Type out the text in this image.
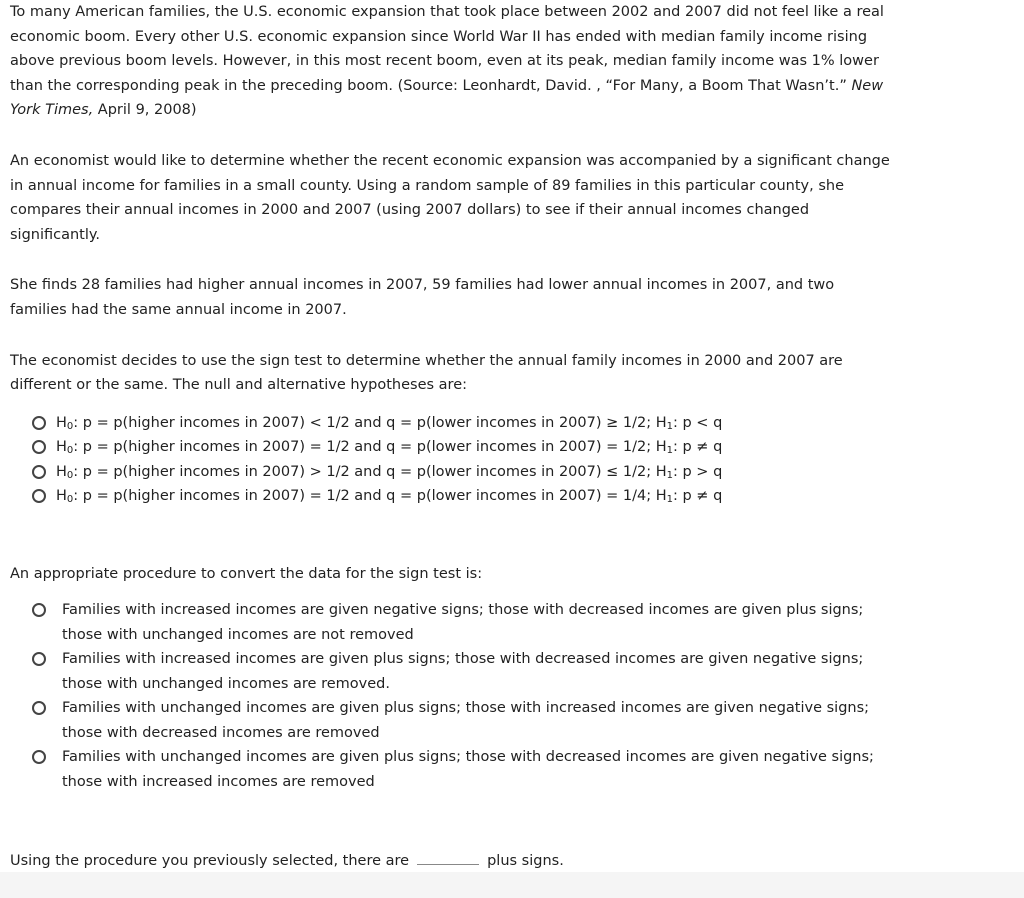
To many American families, the U.S. economic expansion that took place between 2002 and 2007 did not feel like a real economic boom. Every other U.S. economic expansion since World War II has ended with median family income rising above previous boom levels. However, in this most recent boom, even at its peak, median family income was 1% lower than the corresponding peak in the preceding boom. (Source: Leonhardt, David. , “For Many, a Boom That Wasn’t.” New York Times, April 9, 2008)

An economist would like to determine whether the recent economic expansion was accompanied by a significant change in annual income for families in a small county. Using a random sample of 89 families in this particular county, she compares their annual incomes in 2000 and 2007 (using 2007 dollars) to see if their annual incomes changed significantly.

She finds 28 families had higher annual incomes in 2007, 59 families had lower annual incomes in 2007, and two families had the same annual income in 2007.

The economist decides to use the sign test to determine whether the annual family incomes in 2000 and 2007 are different or the same. The null and alternative hypotheses are:

$H_0$: p = p(higher incomes in 2007) < 1/2 and q = p(lower incomes in 2007) ≥ 1/2; $H_1$: p < q
$H_0$: p = p(higher incomes in 2007) = 1/2 and q = p(lower incomes in 2007) = 1/2; $H_1$: p ≠ q
$H_0$: p = p(higher incomes in 2007) > 1/2 and q = p(lower incomes in 2007) ≤ 1/2; $H_1$: p > q
$H_0$: p = p(higher incomes in 2007) = 1/2 and q = p(lower incomes in 2007) = 1/4; $H_1$: p ≠ q

An appropriate procedure to convert the data for the sign test is:

Families with increased incomes are given negative signs; those with decreased incomes are given plus signs; those with unchanged incomes are not removed
Families with increased incomes are given plus signs; those with decreased incomes are given negative signs; those with unchanged incomes are removed.
Families with unchanged incomes are given plus signs; those with increased incomes are given negative signs; those with decreased incomes are removed
Families with unchanged incomes are given plus signs; those with decreased incomes are given negative signs; those with increased incomes are removed

Using the procedure you previously selected, there are	plus signs.
